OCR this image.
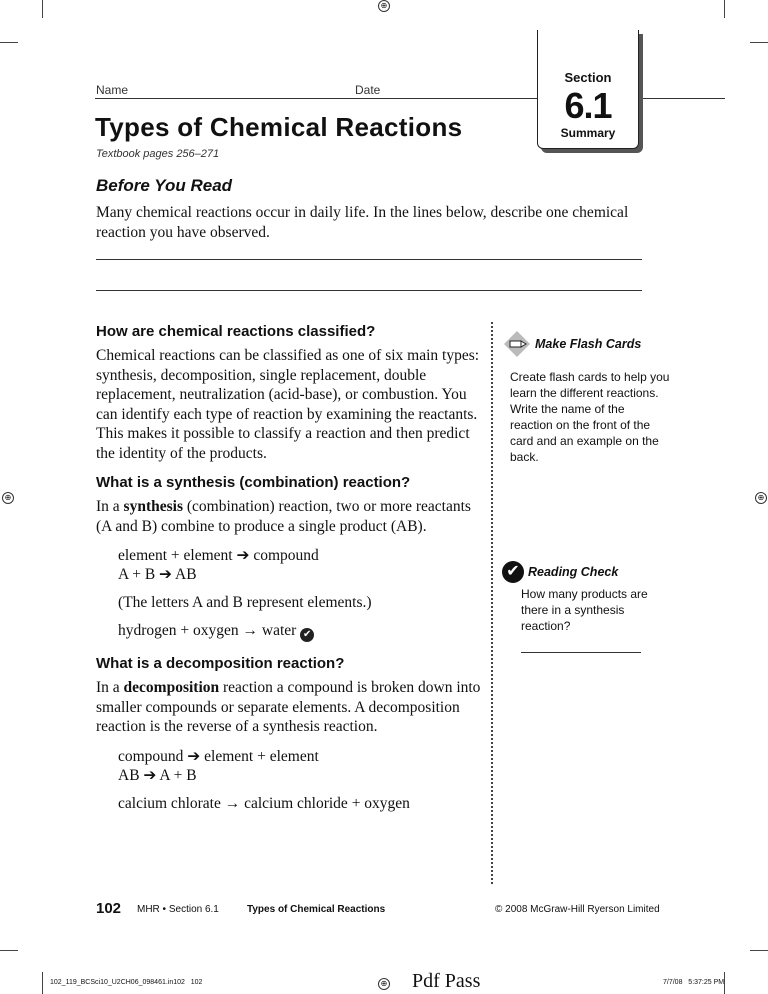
⊕
⊕	⊕
Name	Date
Section
6.1
Summary
Types of Chemical Reactions
Textbook pages 256–271
Before You Read
Many chemical reactions occur in daily life. In the lines below, describe one chemical reaction you have observed.
How are chemical reactions classified?
Chemical reactions can be classified as one of six main types: synthesis, decomposition, single replacement, double replacement, neutralization (acid-base), or combustion. You can identify each type of reaction by examining the reactants. This makes it possible to classify a reaction and then predict the identity of the products.
What is a synthesis (combination) reaction?
In a synthesis (combination) reaction, two or more reactants (A and B) combine to produce a single product (AB).
element + element ➔ compound
A + B ➔ AB
(The letters A and B represent elements.)
hydrogen + oxygen → water ✔
What is a decomposition reaction?
In a decomposition reaction a compound is broken down into smaller compounds or separate elements. A decomposition reaction is the reverse of a synthesis reaction.
compound ➔ element + element
AB ➔ A + B
calcium chlorate → calcium chloride + oxygen
Make Flash Cards
Create flash cards to help you learn the different reactions. Write the name of the reaction on the front of the card and an example on the back.
✔ Reading Check
How many products are there in a synthesis reaction?
102 MHR • Section 6.1	Types of Chemical Reactions	© 2008 McGraw-Hill Ryerson Limited
102_119_BCSci10_U2CH06_098461.in102   102	⊕ Pdf Pass	7/7/08   5:37:25 PM
